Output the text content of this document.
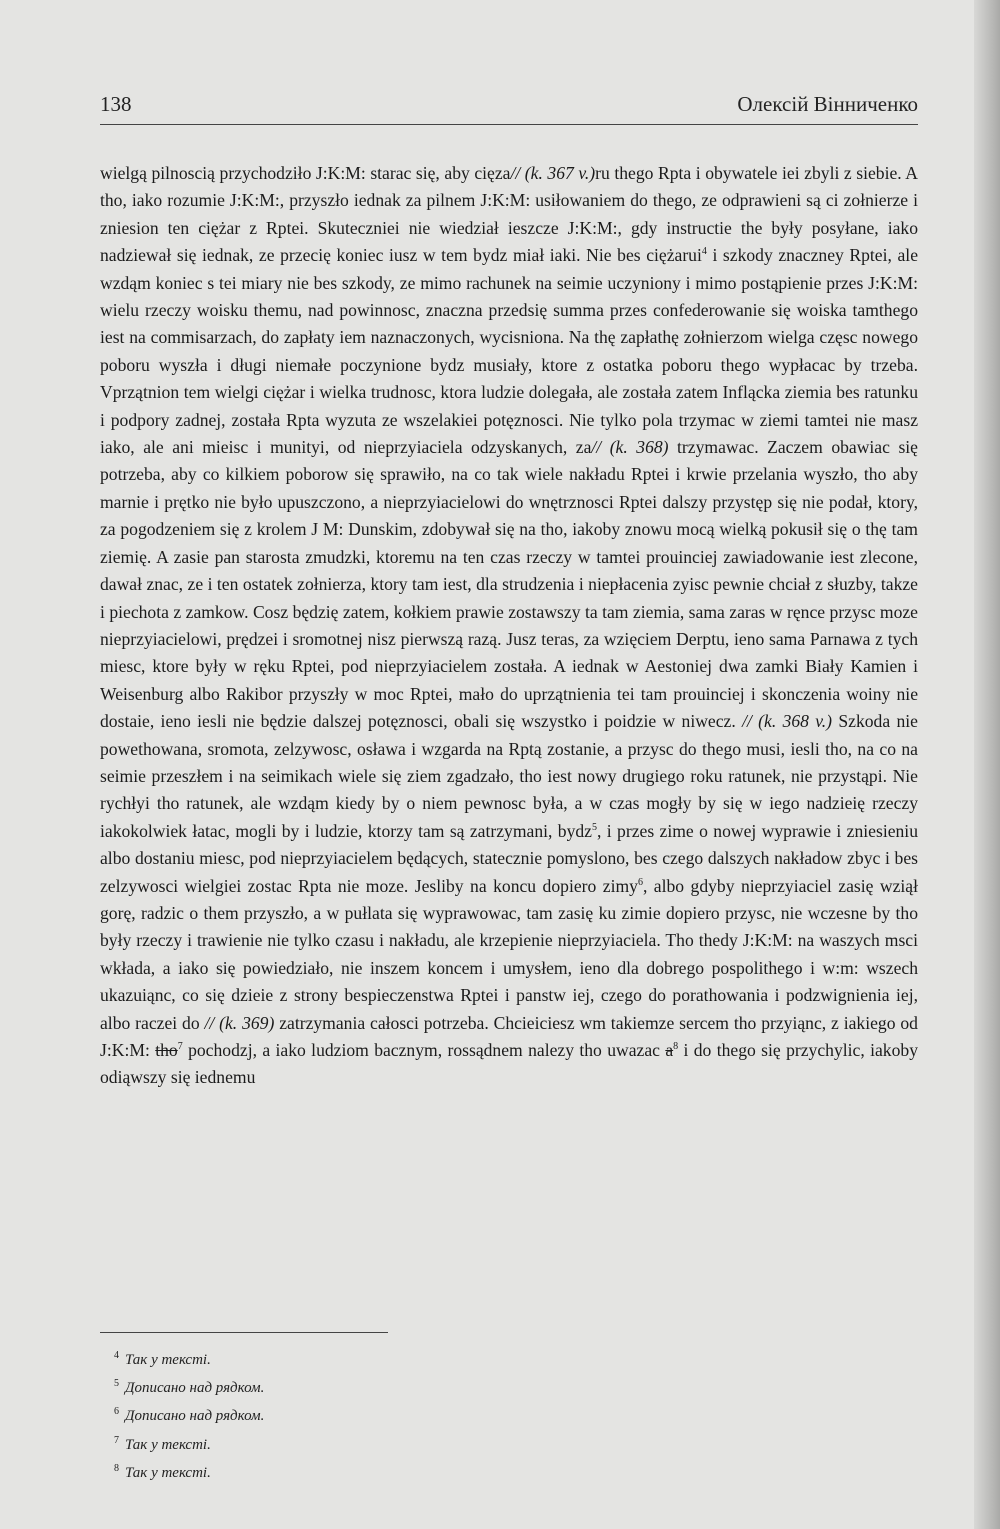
138	Олексій Вінниченко

wielgą pilnoscią przychodziło J:K:M: starac się, aby cięza// (k. 367 v.)ru thego Rpta i obywatele iei zbyli z siebie. A tho, iako rozumie J:K:M:, przyszło iednak za pilnem J:K:M: usiłowaniem do thego, ze odprawieni są ci zołnierze i zniesion ten ciężar z Rptei. Skuteczniei nie wiedział ieszcze J:K:M:, gdy instructie the były posyłane, iako nadziewał się iednak, ze przecię koniec iusz w tem bydz miał iaki. Nie bes ciężarui$^4$ i szkody znaczney Rptei, ale wzdąm koniec s tei miary nie bes szkody, ze mimo rachunek na seimie uczyniony i mimo postąpienie przes J:K:M: wielu rzeczy woisku themu, nad powinnosc, znaczna przedsię summa przes confederowanie się woiska tamthego iest na commisarzach, do zapłaty iem naznaczonych, wycisniona. Na thę zapłathę zołnierzom wielga częsc nowego poboru wyszła i długi niemałe poczynione bydz musiały, ktore z ostatka poboru thego wypłacac by trzeba. Vprzątnion tem wielgi ciężar i wielka trudnosc, ktora ludzie dolegała, ale została zatem Inflącka ziemia bes ratunku i podpory zadnej, została Rpta wyzuta ze wszelakiei potęznosci. Nie tylko pola trzymac w ziemi tamtei nie masz iako, ale ani mieisc i munityi, od nieprzyiaciela odzyskanych, za// (k. 368) trzymawac. Zaczem obawiac się potrzeba, aby co kilkiem poborow się sprawiło, na co tak wiele nakładu Rptei i krwie przelania wyszło, tho aby marnie i prętko nie było upuszczono, a nieprzyiacielowi do wnętrznosci Rptei dalszy przystęp się nie podał, ktory, za pogodzeniem się z krolem J M: Dunskim, zdobywał się na tho, iakoby znowu mocą wielką pokusił się o thę tam ziemię. A zasie pan starosta zmudzki, ktoremu na ten czas rzeczy w tamtei prouinciej zawiadowanie iest zlecone, dawał znac, ze i ten ostatek zołnierza, ktory tam iest, dla strudzenia i niepłacenia zyisc pewnie chciał z słuzby, takze i piechota z zamkow. Cosz będzię zatem, kołkiem prawie zostawszy ta tam ziemia, sama zaras w ręnce przysc moze nieprzyiacielowi, prędzei i sromotnej nisz pierwszą razą. Jusz teras, za wzięciem Derptu, ieno sama Parnawa z tych miesc, ktore były w ręku Rptei, pod nieprzyiacielem została. A iednak w Aestoniej dwa zamki Biały Kamien i Weisenburg albo Rakibor przyszły w moc Rptei, mało do uprzątnienia tei tam prouinciej i skonczenia woiny nie dostaie, ieno iesli nie będzie dalszej potęznosci, obali się wszystko i poidzie w niwecz. // (k. 368 v.) Szkoda nie powethowana, sromota, zelzywosc, osława i wzgarda na Rptą zostanie, a przysc do thego musi, iesli tho, na co na seimie przeszłem i na seimikach wiele się ziem zgadzało, tho iest nowy drugiego roku ratunek, nie przystąpi. Nie rychłyi tho ratunek, ale wzdąm kiedy by o niem pewnosc była, a w czas mogły by się w iego nadzieię rzeczy iakokolwiek łatac, mogli by i ludzie, ktorzy tam są zatrzymani, bydz$^5$, i przes zime o nowej wyprawie i zniesieniu albo dostaniu miesc, pod nieprzyiacielem będących, statecznie pomyslono, bes czego dalszych nakładow zbyc i bes zelzywosci wielgiei zostac Rpta nie moze. Jesliby na koncu dopiero zimy$^6$, albo gdyby nieprzyiaciel zasię wziął gorę, radzic o them przyszło, a w pułlata się wyprawowac, tam zasię ku zimie dopiero przysc, nie wczesne by tho były rzeczy i trawienie nie tylko czasu i nakładu, ale krzepienie nieprzyiaciela. Tho thedy J:K:M: na waszych msci wkłada, a iako się powiedziało, nie inszem koncem i umysłem, ieno dla dobrego pospolithego i w:m: wszech ukazuiąnc, co się dzieie z strony bespieczenstwa Rptei i panstw iej, czego do porathowania i podzwignienia iej, albo raczei do // (k. 369) zatrzymania całosci potrzeba. Chcieiciesz wm takiemze sercem tho przyiąnc, z iakiego od J:K:M: tho$^7$ pochodzj, a iako ludziom bacznym, rossądnem nalezy tho uwazac $a^8$ i do thego się przychylic, iakoby odiąwszy się iednemu

$^4$ Так у тексті.
$^5$ Дописано над рядком.
$^6$ Дописано над рядком.
$^7$ Так у тексті.
$^8$ Так у тексті.
